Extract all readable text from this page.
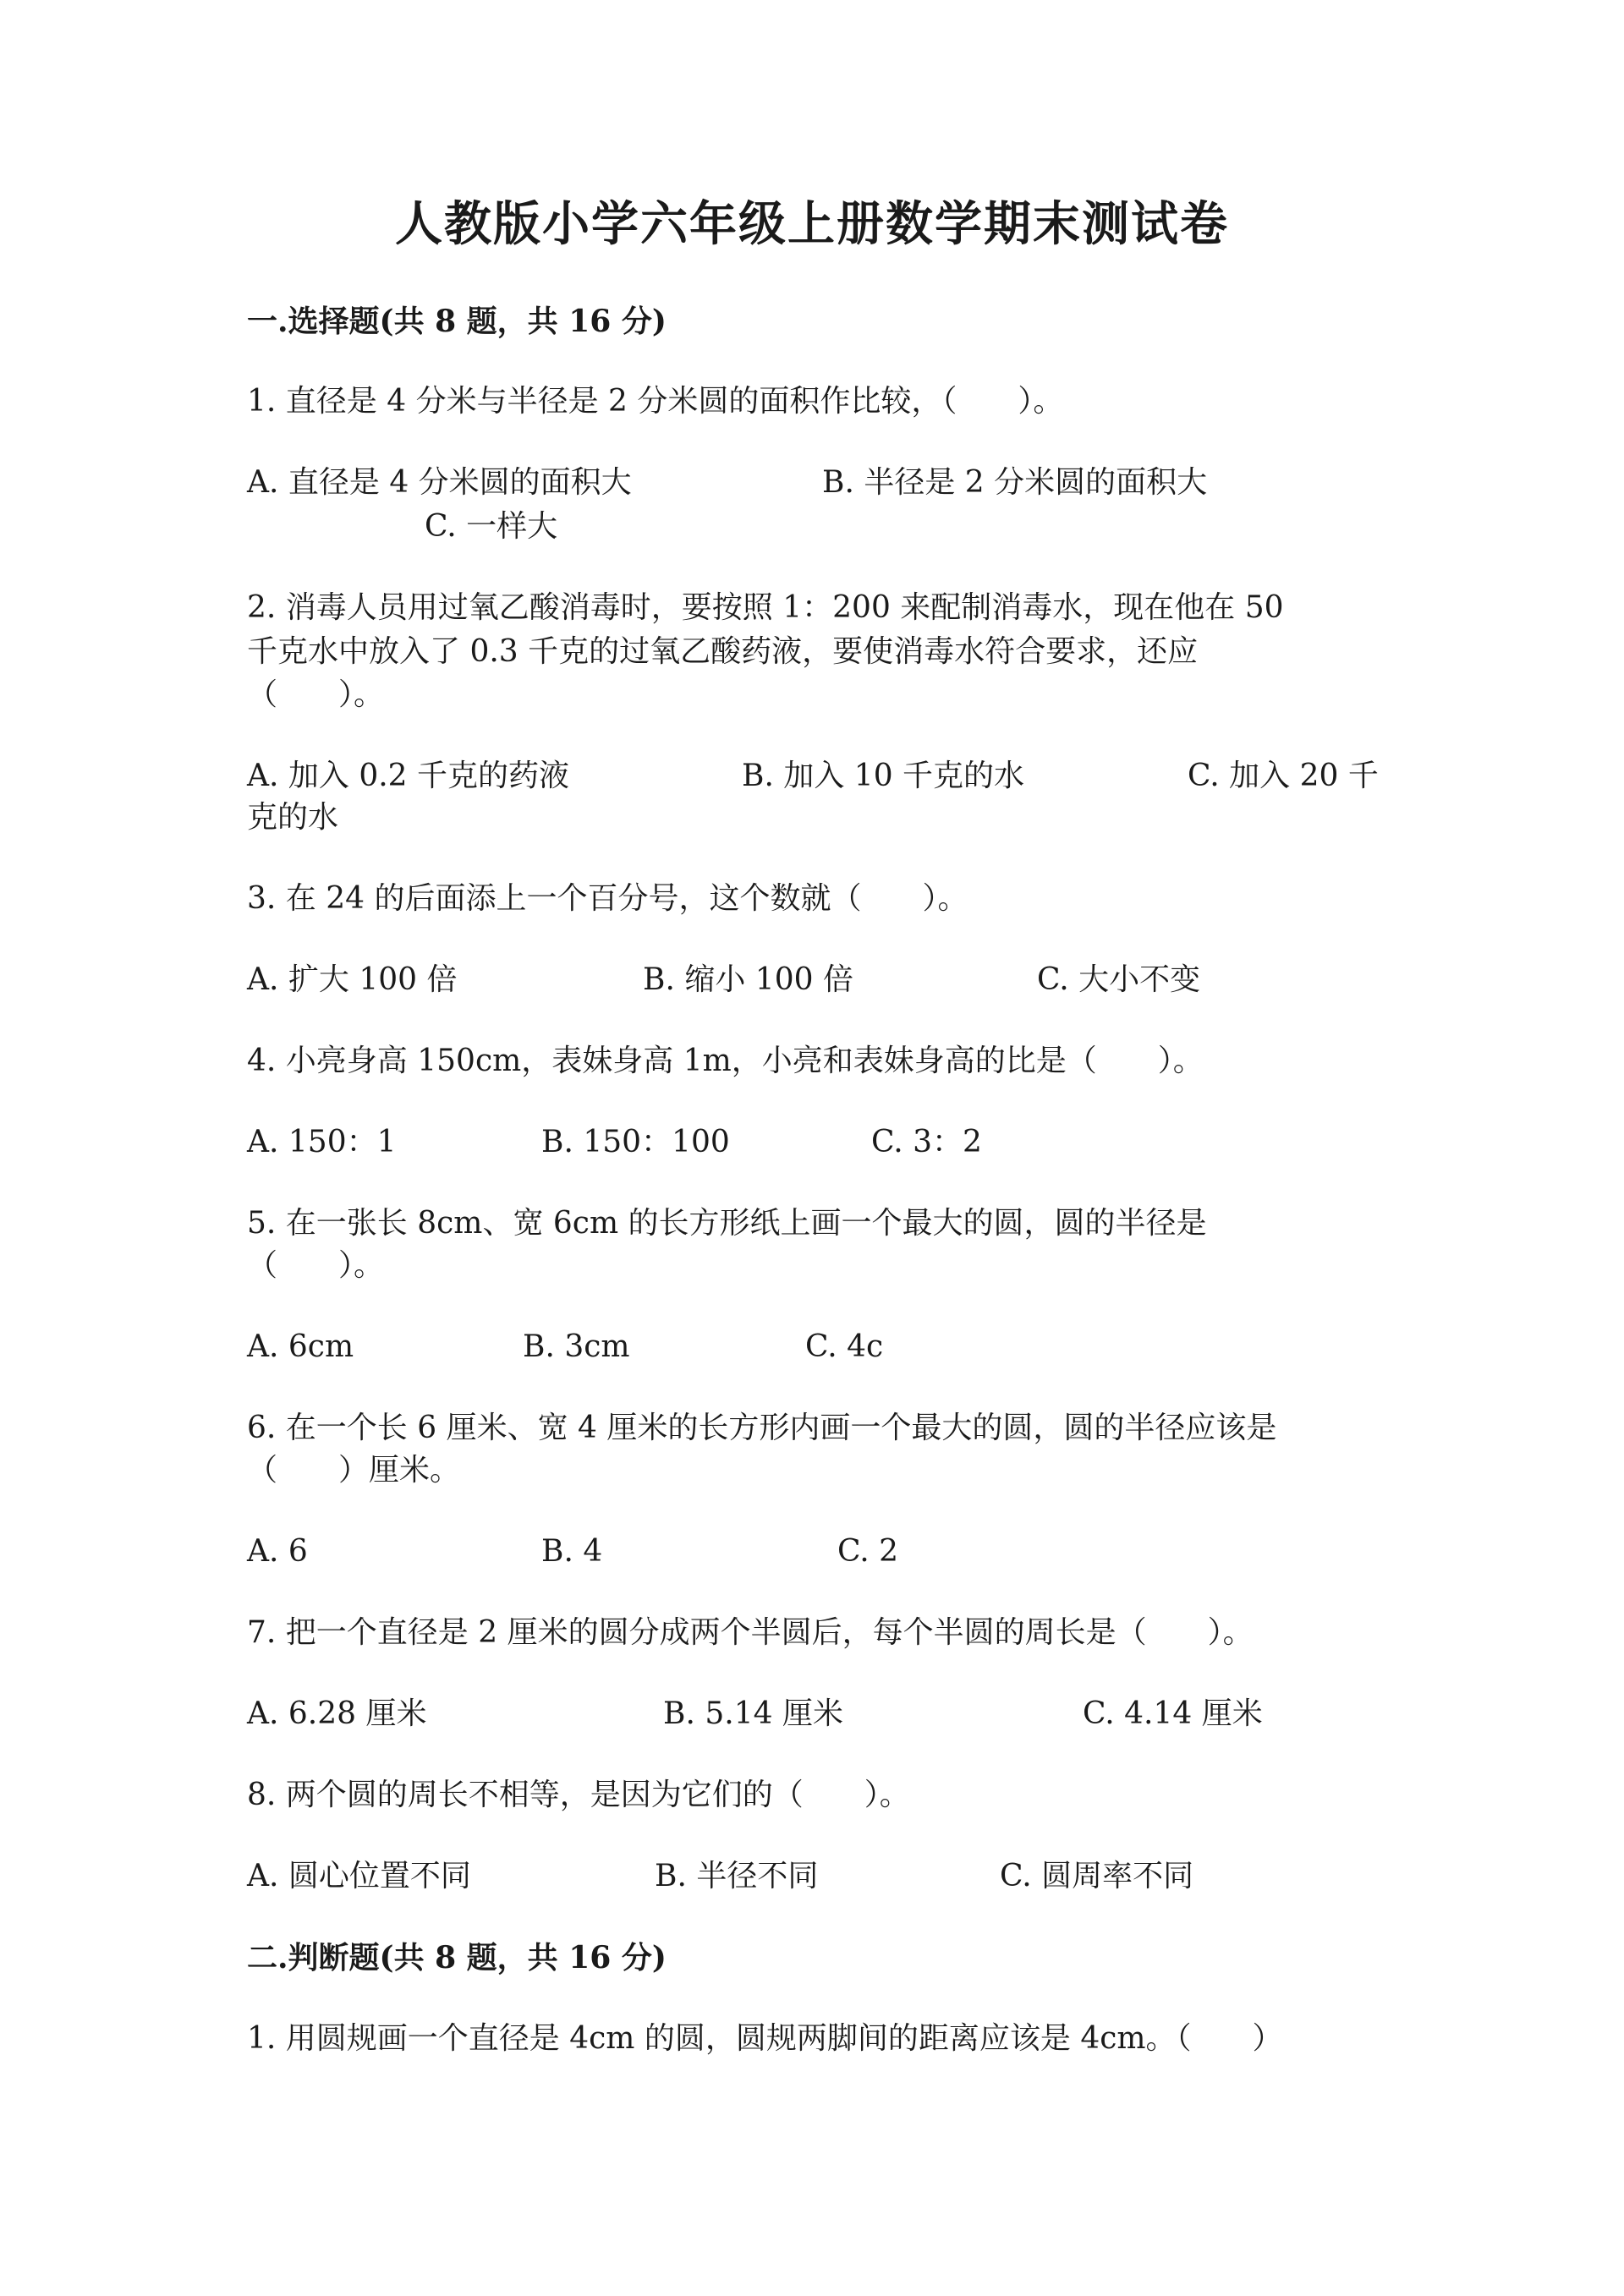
人教版小学六年级上册数学期末测试卷
一.选择题(共 8 题，共 16 分)
1. 直径是 4 分米与半径是 2 分米圆的面积作比较，（　　）。
A. 直径是 4 分米圆的面积大	B. 半径是 2 分米圆的面积大
C. 一样大
2. 消毒人员用过氧乙酸消毒时，要按照 1：200 来配制消毒水，现在他在 50
千克水中放入了 0.3 千克的过氧乙酸药液，要使消毒水符合要求，还应
（　　）。
A. 加入 0.2 千克的药液	B. 加入 10 千克的水	C. 加入 20 千
克的水
3. 在 24 的后面添上一个百分号，这个数就（　　）。
A. 扩大 100 倍	B. 缩小 100 倍	C. 大小不变
4. 小亮身高 150cm，表妹身高 1m，小亮和表妹身高的比是（　　）。
A. 150：1	B. 150：100	C. 3：2
5. 在一张长 8cm、宽 6cm 的长方形纸上画一个最大的圆，圆的半径是
（　　）。
A. 6cm	B. 3cm	C. 4c
6. 在一个长 6 厘米、宽 4 厘米的长方形内画一个最大的圆，圆的半径应该是
（　　）厘米。
A. 6	B. 4	C. 2
7. 把一个直径是 2 厘米的圆分成两个半圆后，每个半圆的周长是（　　）。
A. 6.28 厘米	B. 5.14 厘米	C. 4.14 厘米
8. 两个圆的周长不相等，是因为它们的（　　）。
A. 圆心位置不同	B. 半径不同	C. 圆周率不同
二.判断题(共 8 题，共 16 分)
1. 用圆规画一个直径是 4cm 的圆，圆规两脚间的距离应该是 4cm。（　　）
